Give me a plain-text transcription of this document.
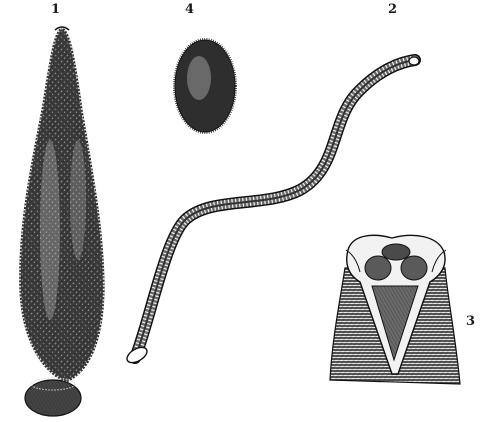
1	2
3
4
